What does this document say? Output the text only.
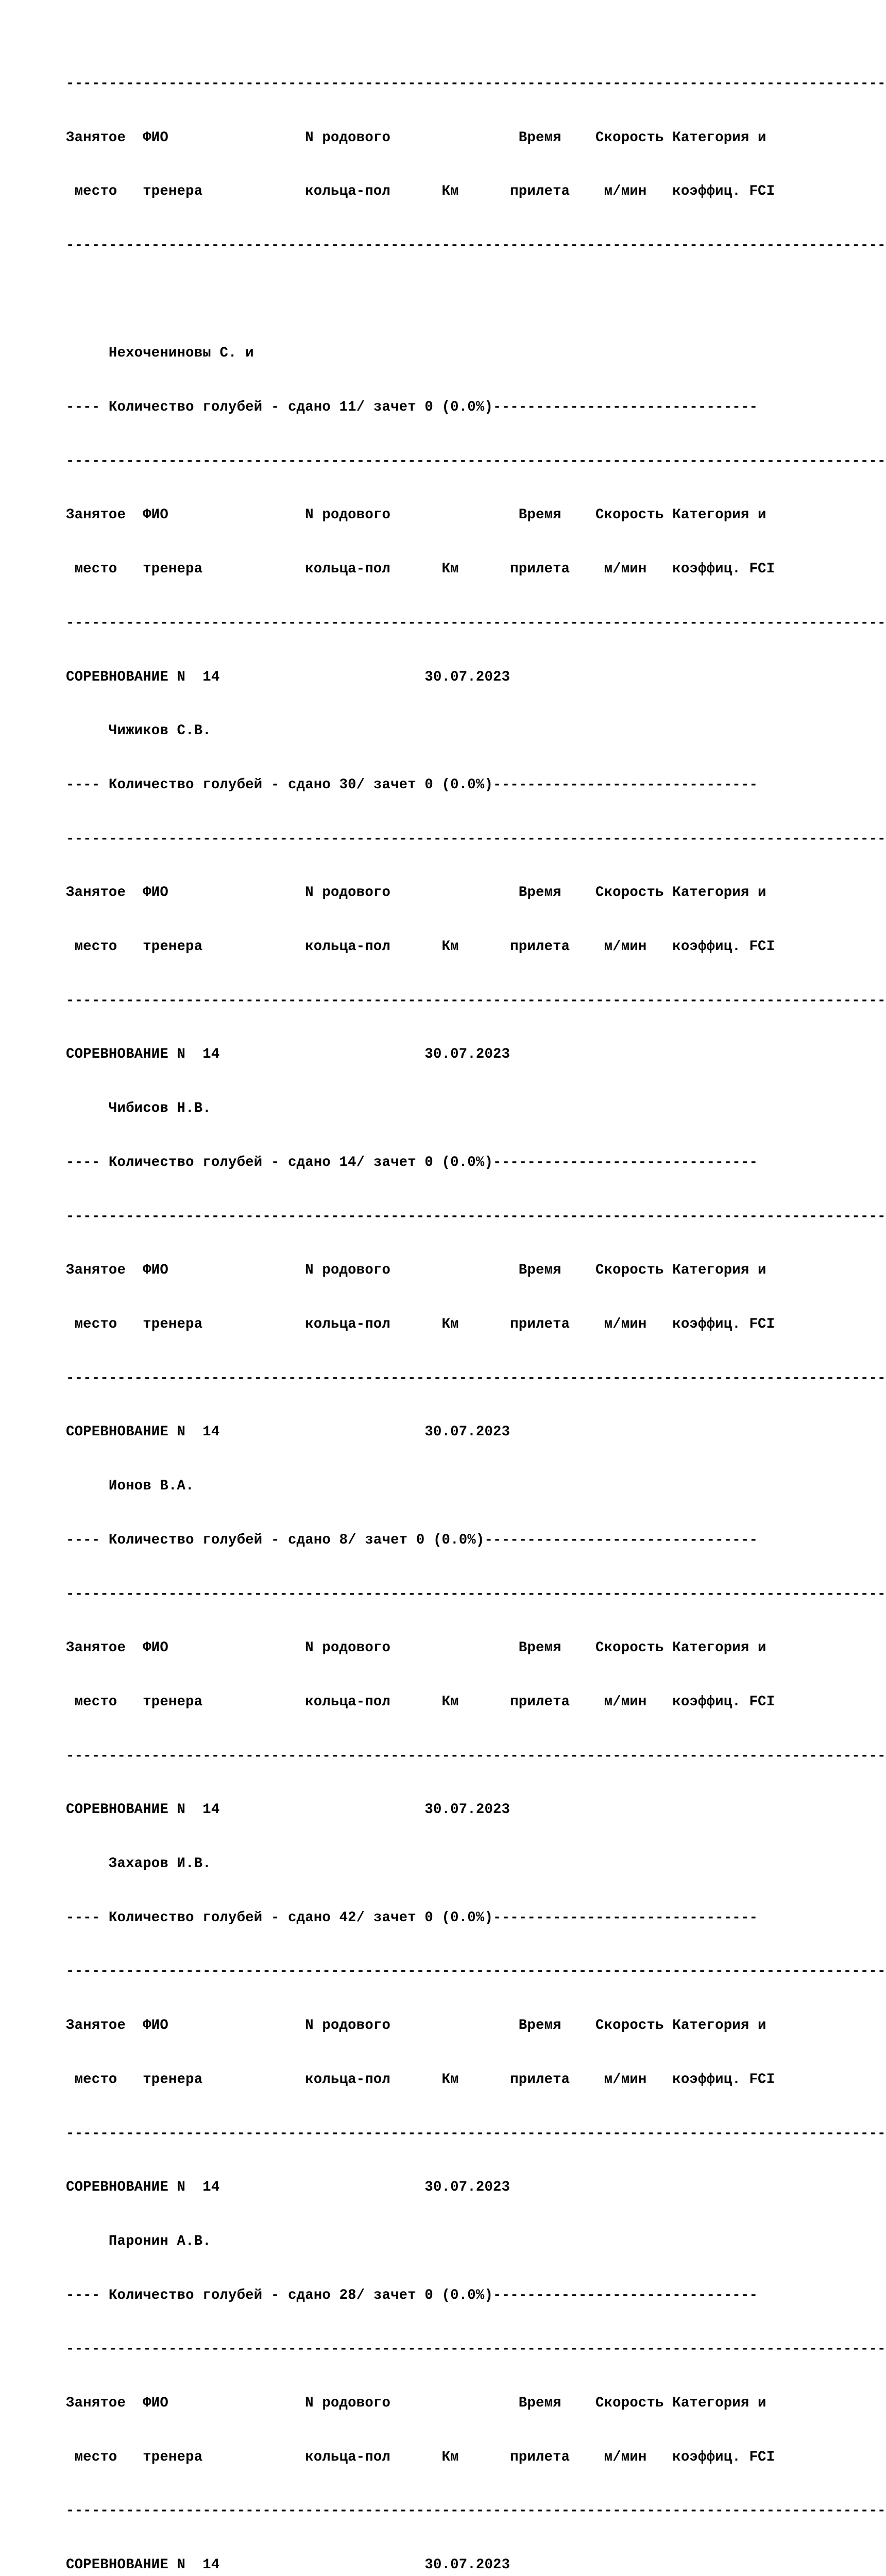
------------------------------------------------------------------------------------------------

Занятое  ФИО                N родового               Время    Скорость Категория и

место   тренера            кольца-пол      Км      прилета    м/мин   коэффиц. FCI

------------------------------------------------------------------------------------------------

Нехочениновы С. и

---- Количество голубей - сдано 11/ зачет 0 (0.0%)-------------------------------

------------------------------------------------------------------------------------------------

Занятое  ФИО                N родового               Время    Скорость Категория и

место   тренера            кольца-пол      Км      прилета    м/мин   коэффиц. FCI

------------------------------------------------------------------------------------------------

СОРЕВНОВАНИЕ N  14                        30.07.2023

Чижиков С.В.

---- Количество голубей - сдано 30/ зачет 0 (0.0%)-------------------------------

------------------------------------------------------------------------------------------------

Занятое  ФИО                N родового               Время    Скорость Категория и

место   тренера            кольца-пол      Км      прилета    м/мин   коэффиц. FCI

------------------------------------------------------------------------------------------------

СОРЕВНОВАНИЕ N  14                        30.07.2023

Чибисов Н.В.

---- Количество голубей - сдано 14/ зачет 0 (0.0%)-------------------------------

------------------------------------------------------------------------------------------------

Занятое  ФИО                N родового               Время    Скорость Категория и

место   тренера            кольца-пол      Км      прилета    м/мин   коэффиц. FCI

------------------------------------------------------------------------------------------------

СОРЕВНОВАНИЕ N  14                        30.07.2023

Ионов В.А.

---- Количество голубей - сдано 8/ зачет 0 (0.0%)--------------------------------

------------------------------------------------------------------------------------------------

Занятое  ФИО                N родового               Время    Скорость Категория и

место   тренера            кольца-пол      Км      прилета    м/мин   коэффиц. FCI

------------------------------------------------------------------------------------------------

СОРЕВНОВАНИЕ N  14                        30.07.2023

Захаров И.В.

---- Количество голубей - сдано 42/ зачет 0 (0.0%)-------------------------------

------------------------------------------------------------------------------------------------

Занятое  ФИО                N родового               Время    Скорость Категория и

место   тренера            кольца-пол      Км      прилета    м/мин   коэффиц. FCI

------------------------------------------------------------------------------------------------

СОРЕВНОВАНИЕ N  14                        30.07.2023

Паронин А.В.

---- Количество голубей - сдано 28/ зачет 0 (0.0%)-------------------------------

------------------------------------------------------------------------------------------------

Занятое  ФИО                N родового               Время    Скорость Категория и

место   тренера            кольца-пол      Км      прилета    м/мин   коэффиц. FCI

------------------------------------------------------------------------------------------------

СОРЕВНОВАНИЕ N  14                        30.07.2023
